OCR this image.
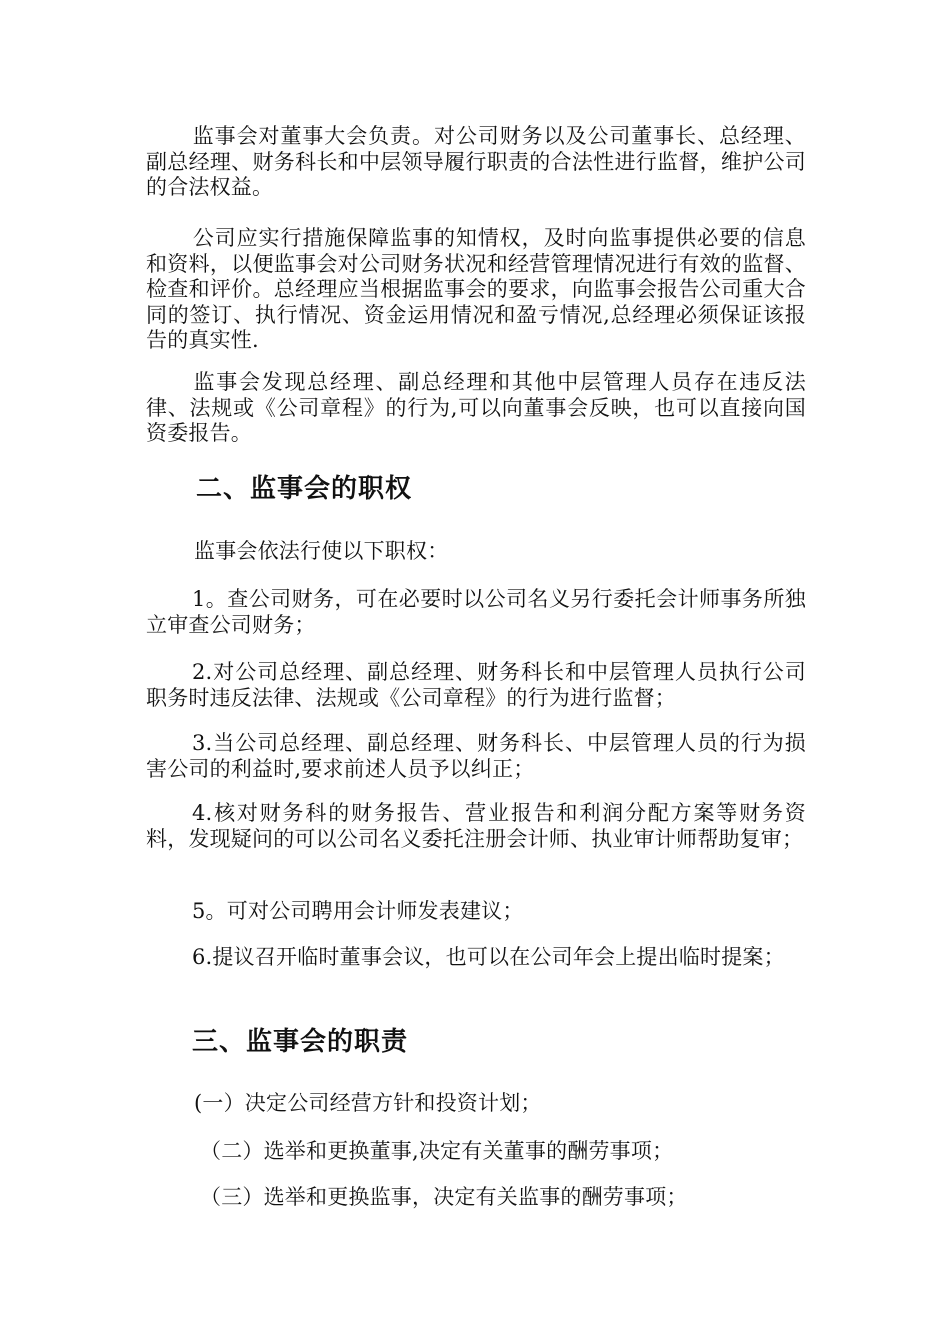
监事会对董事大会负责。对公司财务以及公司董事长、总经理、副总经理、财务科长和中层领导履行职责的合法性进行监督，维护公司的合法权益。

公司应实行措施保障监事的知情权，及时向监事提供必要的信息和资料，以便监事会对公司财务状况和经营管理情况进行有效的监督、检查和评价。总经理应当根据监事会的要求，向监事会报告公司重大合同的签订、执行情况、资金运用情况和盈亏情况,总经理必须保证该报告的真实性.

监事会发现总经理、副总经理和其他中层管理人员存在违反法律、法规或《公司章程》的行为,可以向董事会反映，也可以直接向国资委报告。

二、监事会的职权

监事会依法行使以下职权：

1。查公司财务，可在必要时以公司名义另行委托会计师事务所独立审查公司财务；

2.对公司总经理、副总经理、财务科长和中层管理人员执行公司职务时违反法律、法规或《公司章程》的行为进行监督；

3.当公司总经理、副总经理、财务科长、中层管理人员的行为损害公司的利益时,要求前述人员予以纠正；

4.核对财务科的财务报告、营业报告和利润分配方案等财务资料，发现疑问的可以公司名义委托注册会计师、执业审计师帮助复审；

5。可对公司聘用会计师发表建议；

6.提议召开临时董事会议，也可以在公司年会上提出临时提案；

三、监事会的职责

(一）决定公司经营方针和投资计划；

（二）选举和更换董事,决定有关董事的酬劳事项；

（三）选举和更换监事，决定有关监事的酬劳事项；
